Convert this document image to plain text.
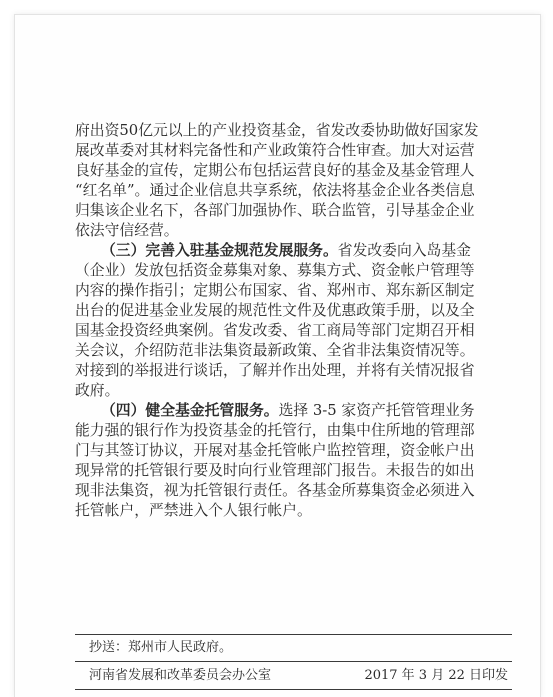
府出资50亿元以上的产业投资基金，省发改委协助做好国家发
展改革委对其材料完备性和产业政策符合性审查。加大对运营
良好基金的宣传，定期公布包括运营良好的基金及基金管理人
“红名单”。通过企业信息共享系统，依法将基金企业各类信息
归集该企业名下，各部门加强协作、联合监管，引导基金企业
依法守信经营。
（三）完善入驻基金规范发展服务。省发改委向入岛基金
（企业）发放包括资金募集对象、募集方式、资金帐户管理等
内容的操作指引；定期公布国家、省、郑州市、郑东新区制定
出台的促进基金业发展的规范性文件及优惠政策手册，以及全
国基金投资经典案例。省发改委、省工商局等部门定期召开相
关会议，介绍防范非法集资最新政策、全省非法集资情况等。
对接到的举报进行谈话，了解并作出处理，并将有关情况报省
政府。
（四）健全基金托管服务。选择 3-5 家资产托管管理业务
能力强的银行作为投资基金的托管行，由集中住所地的管理部
门与其签订协议，开展对基金托管帐户监控管理，资金帐户出
现异常的托管银行要及时向行业管理部门报告。未报告的如出
现非法集资，视为托管银行责任。各基金所募集资金必须进入
托管帐户，严禁进入个人银行帐户。
抄送：郑州市人民政府。
河南省发展和改革委员会办公室	2017 年 3 月 22 日印发
